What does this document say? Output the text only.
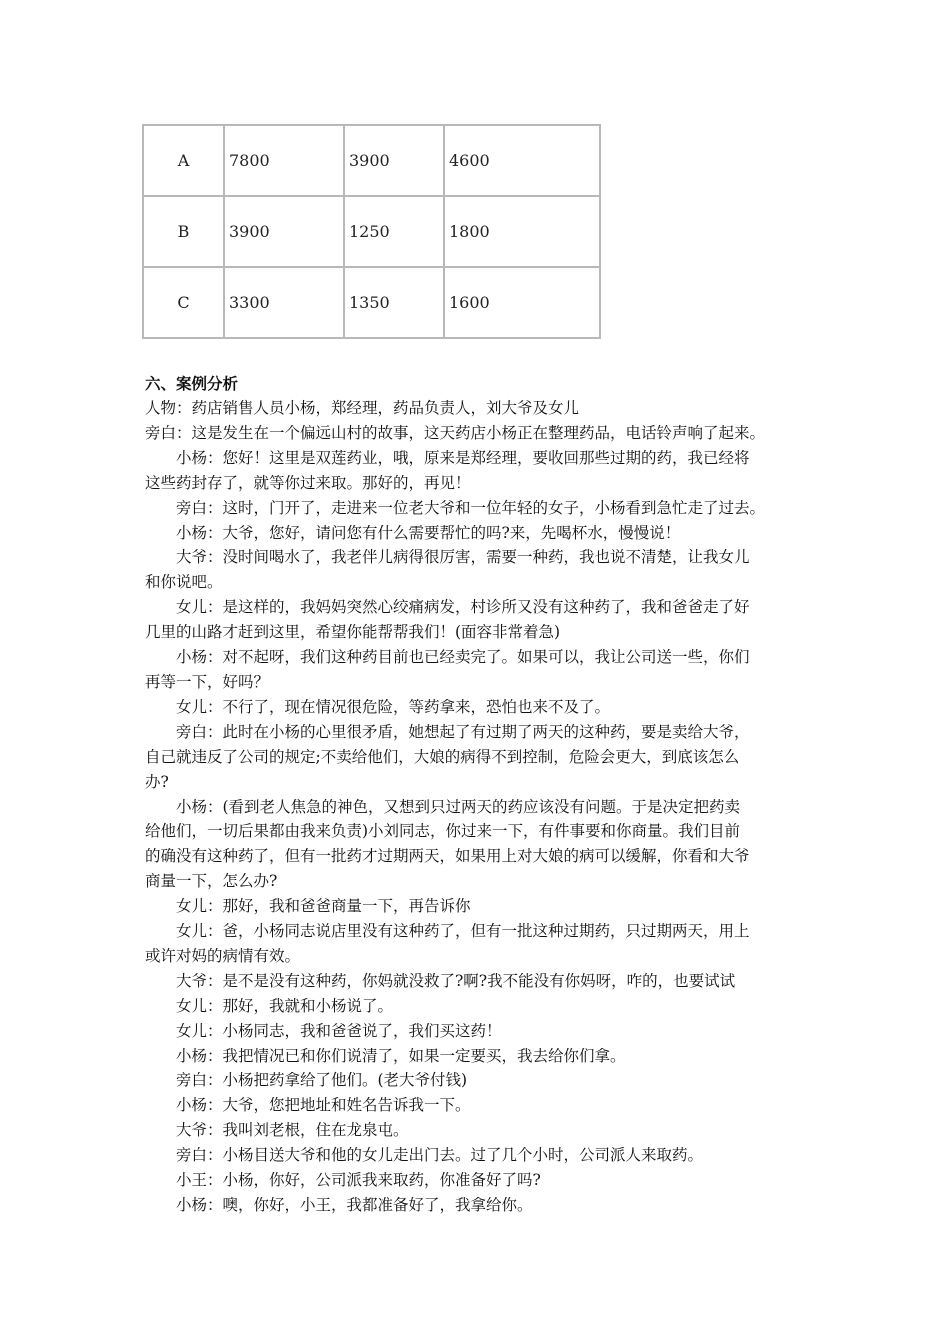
A	7800	3900	4600
B	3900	1250	1800
C	3300	1350	1600

六、案例分析

人物：药店销售人员小杨，郑经理，药品负责人，刘大爷及女儿
旁白：这是发生在一个偏远山村的故事，这天药店小杨正在整理药品，电话铃声响了起来。
小杨：您好！这里是双莲药业，哦，原来是郑经理，要收回那些过期的药，我已经将
这些药封存了，就等你过来取。那好的，再见！
旁白：这时，门开了，走进来一位老大爷和一位年轻的女子，小杨看到急忙走了过去。
小杨：大爷，您好，请问您有什么需要帮忙的吗?来，先喝杯水，慢慢说！
大爷：没时间喝水了，我老伴儿病得很厉害，需要一种药，我也说不清楚，让我女儿
和你说吧。
女儿：是这样的，我妈妈突然心绞痛病发，村诊所又没有这种药了，我和爸爸走了好
几里的山路才赶到这里，希望你能帮帮我们！(面容非常着急)
小杨：对不起呀，我们这种药目前也已经卖完了。如果可以，我让公司送一些，你们
再等一下，好吗？
女儿：不行了，现在情况很危险，等药拿来，恐怕也来不及了。
旁白：此时在小杨的心里很矛盾，她想起了有过期了两天的这种药，要是卖给大爷，
自己就违反了公司的规定;不卖给他们，大娘的病得不到控制，危险会更大，到底该怎么
办?
小杨：(看到老人焦急的神色，又想到只过两天的药应该没有问题。于是决定把药卖
给他们，一切后果都由我来负责)小刘同志，你过来一下，有件事要和你商量。我们目前
的确没有这种药了，但有一批药才过期两天，如果用上对大娘的病可以缓解，你看和大爷
商量一下，怎么办?
女儿：那好，我和爸爸商量一下，再告诉你
女儿：爸，小杨同志说店里没有这种药了，但有一批这种过期药，只过期两天，用上
或许对妈的病情有效。
大爷：是不是没有这种药，你妈就没救了?啊?我不能没有你妈呀，咋的，也要试试
女儿：那好，我就和小杨说了。
女儿：小杨同志，我和爸爸说了，我们买这药！
小杨：我把情况已和你们说清了，如果一定要买，我去给你们拿。
旁白：小杨把药拿给了他们。(老大爷付钱)
小杨：大爷，您把地址和姓名告诉我一下。
大爷：我叫刘老根，住在龙泉屯。
旁白：小杨目送大爷和他的女儿走出门去。过了几个小时，公司派人来取药。
小王：小杨，你好，公司派我来取药，你准备好了吗?
小杨：噢，你好，小王，我都准备好了，我拿给你。
